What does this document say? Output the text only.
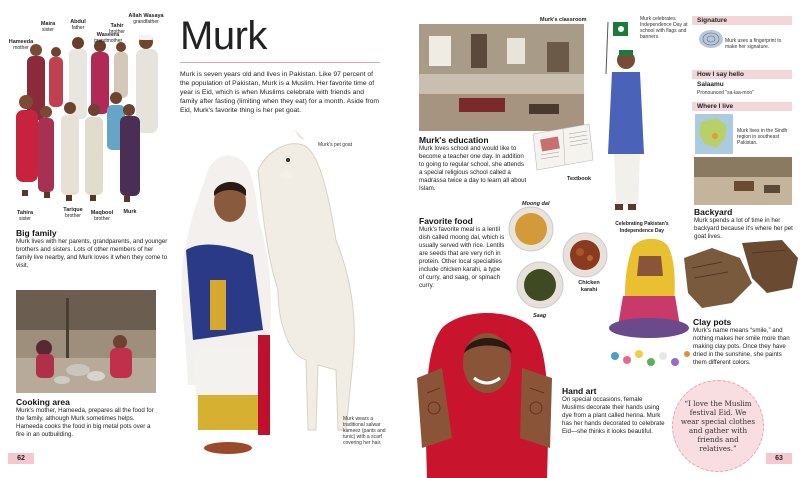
Hameeda
mother
Maira
sister
Abdul
father
Waseera
grandmother
Tahir
brother
Allah Wasaya
grandfather
Tahira
sister
Tarique
brother	Maqbool
brother
Murk
Big family
Murk lives with her parents, grandparents, and younger brothers and sisters. Lots of other members of her family live nearby, and Murk loves it when they come to visit.
Cooking area
Murk's mother, Hameeda, prepares all the food for the family, although Murk sometimes helps. Hameeda cooks the food in big metal pots over a fire in an outbuilding.
Murk
Murk is seven years old and lives in Pakistan. Like 97 percent of the population of Pakistan, Murk is a Muslim. Her favorite time of year is Eid, which is when Muslims celebrate with friends and family after fasting (limiting when they eat) for a month. Aside from Eid, Murk's favorite thing is her pet goat.
Murk's pet goat
Murk wears a traditional salwar kameez (pants and tunic) with a scarf covering her hair.
62
Murk's classroom
Murk's education
Murk loves school and would like to become a teacher one day. In addition to going to regular school, she attends a special religious school called a madrassa twice a day to learn all about Islam.
Textbook
Murk celebrates Independence Day at school with flags and banners.
Celebrating Pakistan's Independence Day
Favorite food
Murk's favorite meal is a lentil dish called moong dal, which is usually served with rice. Lentils are seeds that are very rich in protein. Other local specialties include chicken karahi, a type of curry, and saag, or spinach curry.
Moong dal
Chicken karahi
Saag
Hand art
On special occasions, female Muslims decorate their hands using dye from a plant called henna. Murk has her hands decorated to celebrate Eid—she thinks it looks beautiful.
Clay pots
Murk's name means “smile,” and nothing makes her smile more than making clay pots. Once they have dried in the sunshine, she paints them different colors.
“I love the Muslim festival Eid. We wear special clothes and gather with friends and relatives.”
Signature
Murk uses a fingerprint to make her signature.
How I say hello
Salaamu
Pronounced "sa-laa-moo"
Where I live
Murk lives in the Sindh region in southeast Pakistan.
Backyard
Murk spends a lot of time in her backyard because it's where her pet goat lives.
63
